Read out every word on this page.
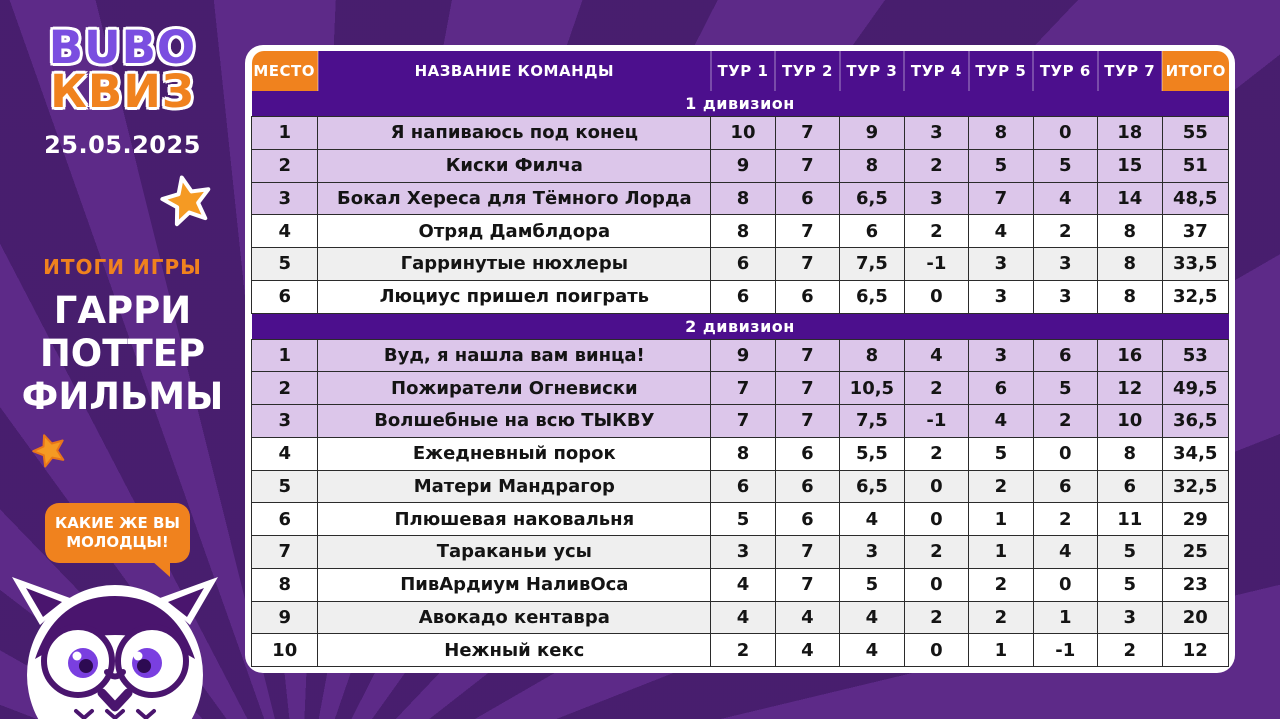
BUBO
КВИЗ
25.05.2025
ИТОГИ ИГРЫ
ГАРРИ ПОТТЕР ФИЛЬМЫ
КАКИЕ ЖЕ ВЫ МОЛОДЦЫ!
МЕСТО	НАЗВАНИЕ КОМАНДЫ	ТУР 1	ТУР 2	ТУР 3	ТУР 4	ТУР 5	ТУР 6	ТУР 7	ИТОГО
1 дивизион									
1	Я напиваюсь под конец	10	7	9	3	8	0	18	55
2	Киски Филча	9	7	8	2	5	5	15	51
3	Бокал Хереса для Тёмного Лорда	8	6	6,5	3	7	4	14	48,5
4	Отряд Дамблдора	8	7	6	2	4	2	8	37
5	Гарринутые нюхлеры	6	7	7,5	-1	3	3	8	33,5
6	Люциус пришел поиграть	6	6	6,5	0	3	3	8	32,5
2 дивизион									
1	Вуд, я нашла вам винца!	9	7	8	4	3	6	16	53
2	Пожиратели Огневиски	7	7	10,5	2	6	5	12	49,5
3	Волшебные на всю ТЫКВУ	7	7	7,5	-1	4	2	10	36,5
4	Ежедневный порок	8	6	5,5	2	5	0	8	34,5
5	Матери Мандрагор	6	6	6,5	0	2	6	6	32,5
6	Плюшевая наковальня	5	6	4	0	1	2	11	29
7	Тараканьи усы	3	7	3	2	1	4	5	25
8	ПивАрдиум НаливОса	4	7	5	0	2	0	5	23
9	Авокадо кентавра	4	4	4	2	2	1	3	20
10	Нежный кекс	2	4	4	0	1	-1	2	12
